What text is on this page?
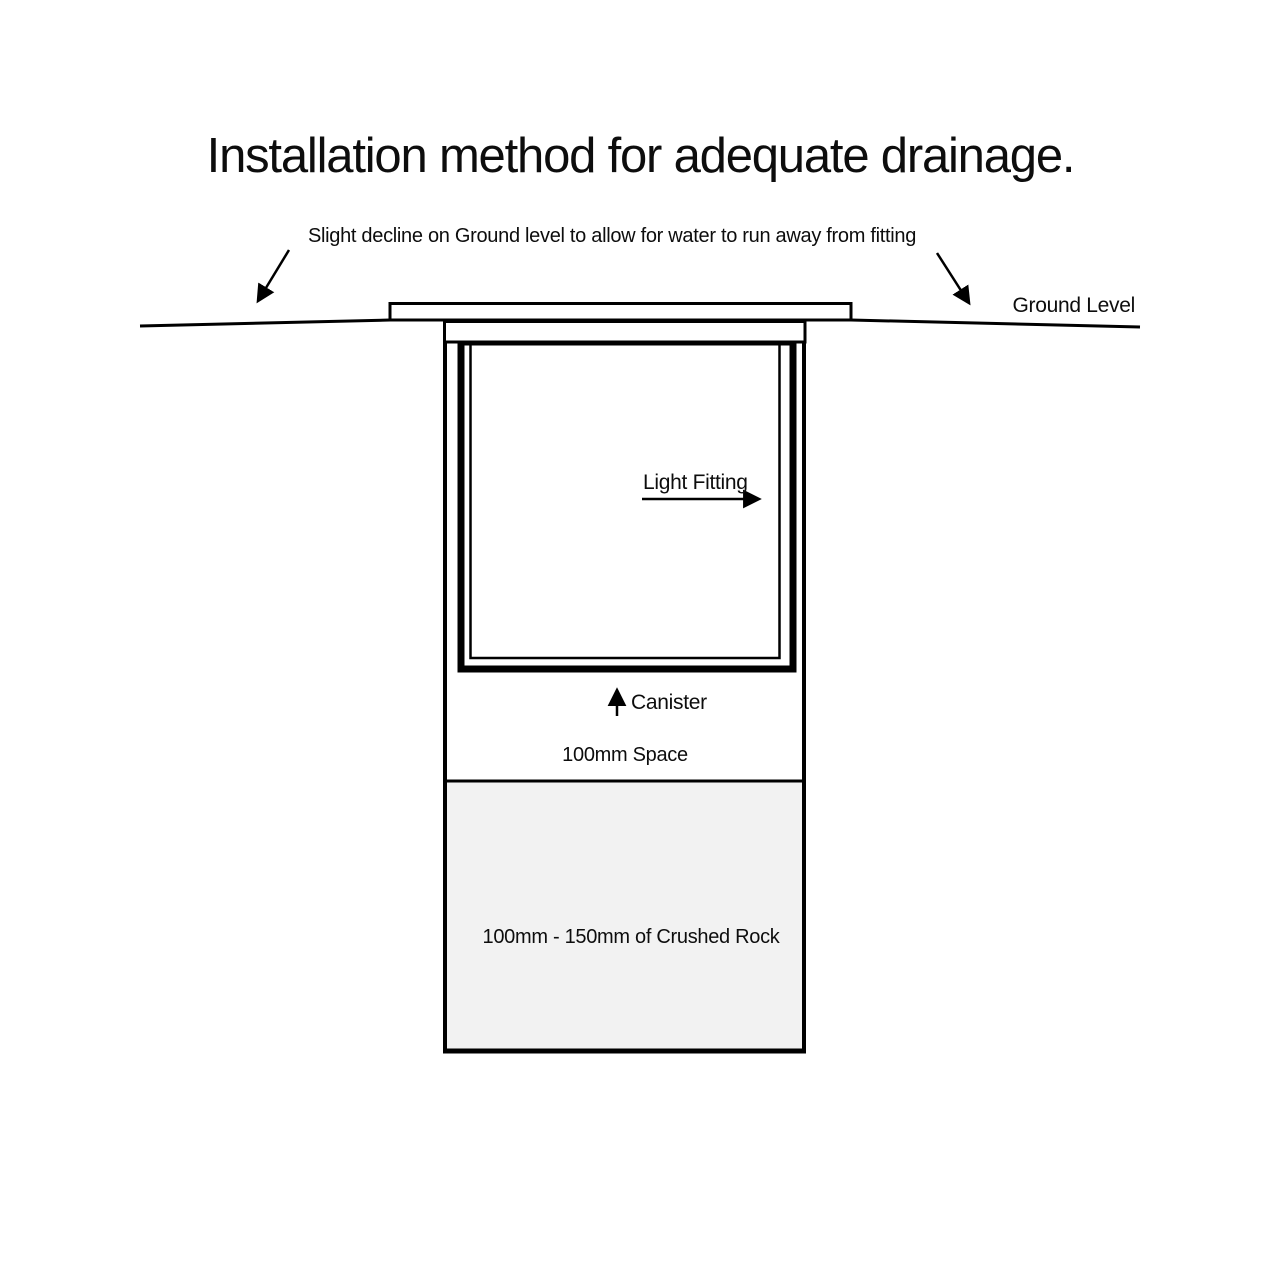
Installation method for adequate drainage.
Slight decline on Ground level to allow for water to run away from fitting
Ground Level
Light Fitting
Canister
100mm Space
100mm - 150mm of Crushed Rock
